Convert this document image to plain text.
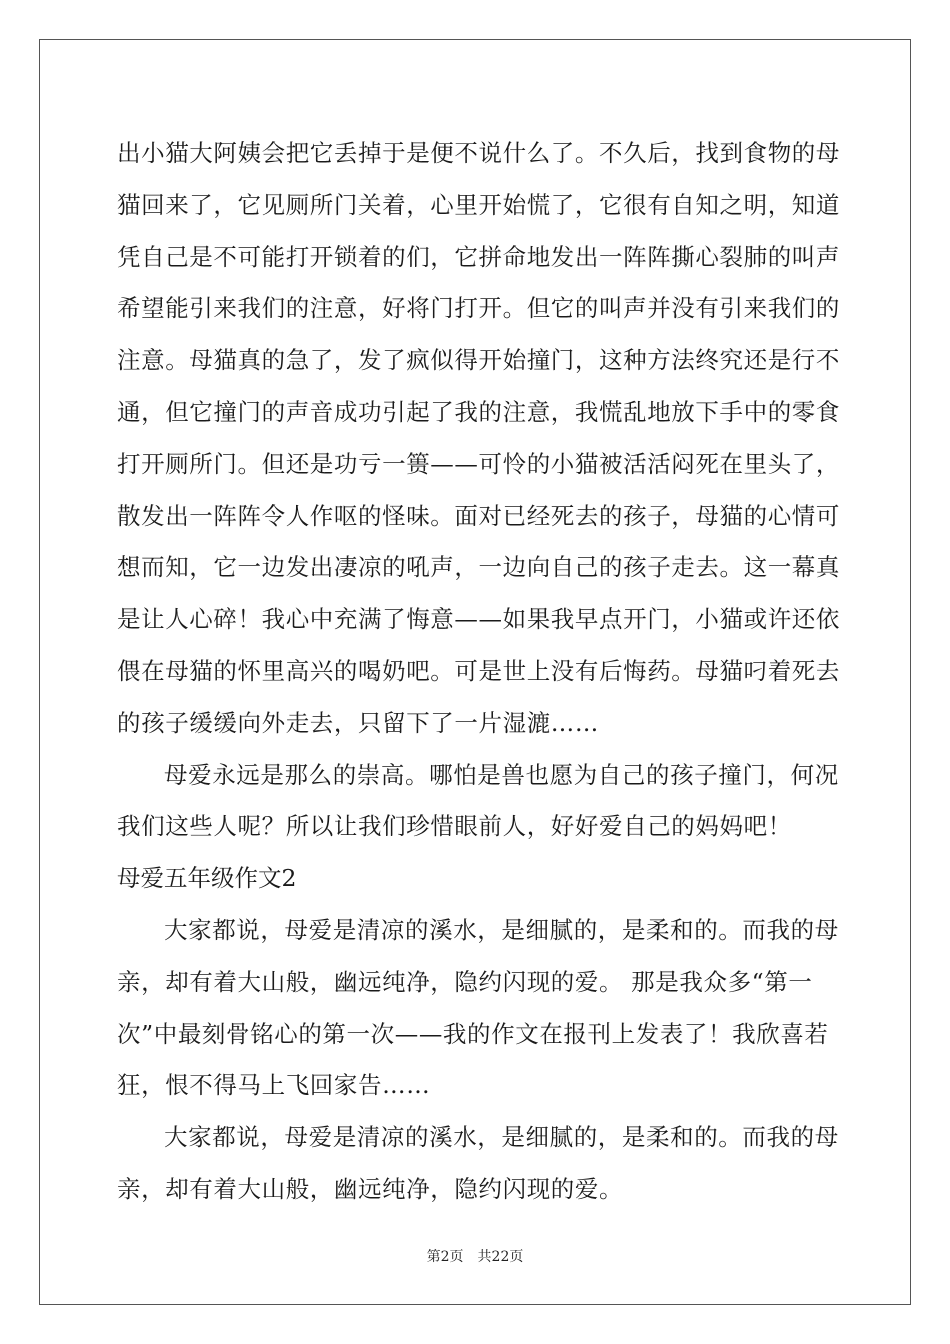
出小猫大阿姨会把它丢掉于是便不说什么了。不久后，找到食物的母
猫回来了，它见厕所门关着，心里开始慌了，它很有自知之明，知道
凭自己是不可能打开锁着的们，它拼命地发出一阵阵撕心裂肺的叫声
希望能引来我们的注意，好将门打开。但它的叫声并没有引来我们的
注意。母猫真的急了，发了疯似得开始撞门，这种方法终究还是行不
通，但它撞门的声音成功引起了我的注意，我慌乱地放下手中的零食
打开厕所门。但还是功亏一篑——可怜的小猫被活活闷死在里头了，
散发出一阵阵令人作呕的怪味。面对已经死去的孩子，母猫的心情可
想而知，它一边发出凄凉的吼声，一边向自己的孩子走去。这一幕真
是让人心碎！我心中充满了悔意——如果我早点开门，小猫或许还依
偎在母猫的怀里高兴的喝奶吧。可是世上没有后悔药。母猫叼着死去
的孩子缓缓向外走去，只留下了一片湿漉……
母爱永远是那么的崇高。哪怕是兽也愿为自己的孩子撞门，何况
我们这些人呢？所以让我们珍惜眼前人，好好爱自己的妈妈吧！
母爱五年级作文2
大家都说，母爱是清凉的溪水，是细腻的，是柔和的。而我的母
亲，却有着大山般，幽远纯净，隐约闪现的爱。 那是我众多“第一
次”中最刻骨铭心的第一次——我的作文在报刊上发表了！我欣喜若
狂，恨不得马上飞回家告……
大家都说，母爱是清凉的溪水，是细腻的，是柔和的。而我的母
亲，却有着大山般，幽远纯净，隐约闪现的爱。
第2页 共22页
